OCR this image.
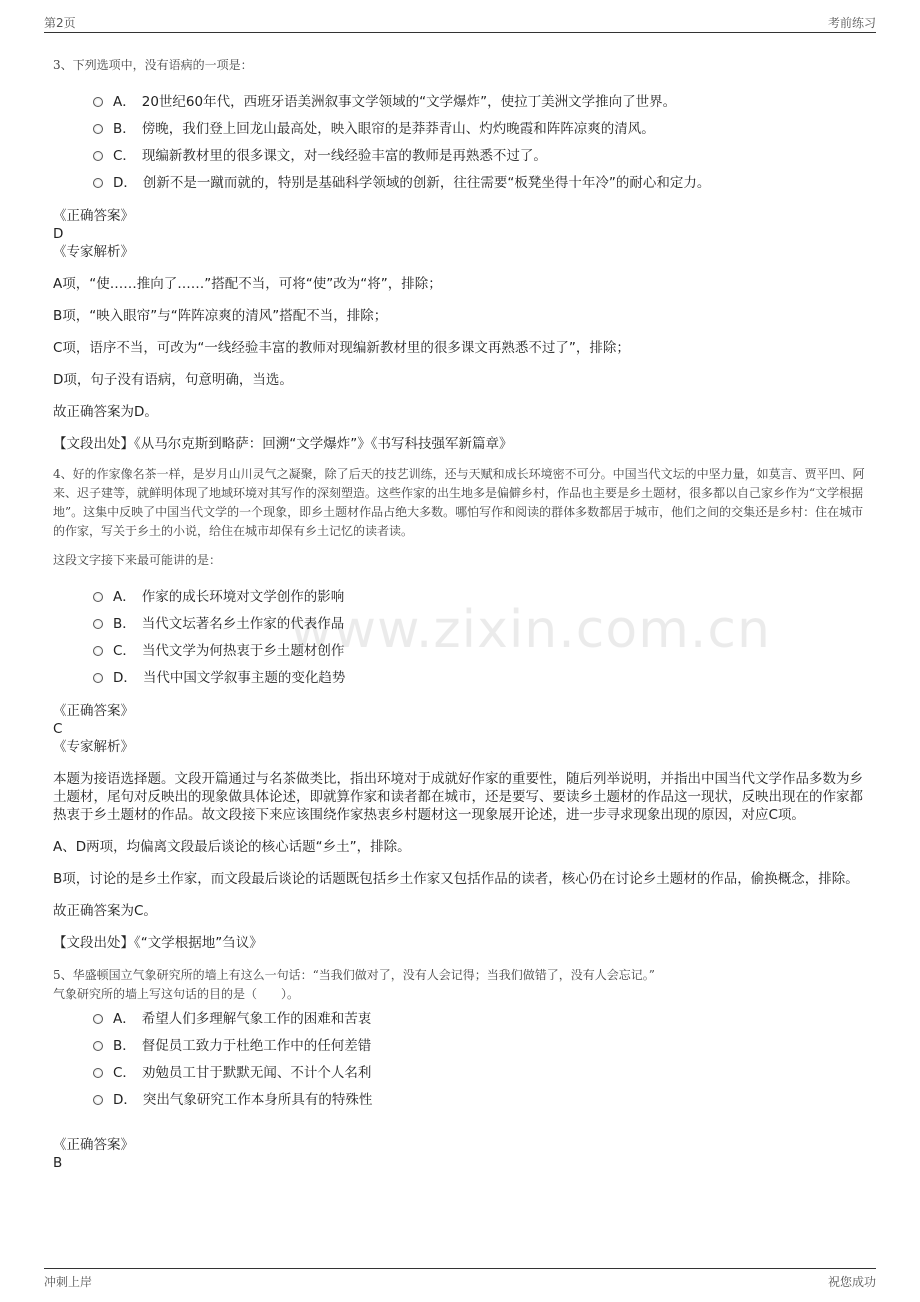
第2页	考前练习
www.zixin.com.cn
3、下列选项中，没有语病的一项是：
A． 20世纪60年代，西班牙语美洲叙事文学领域的“文学爆炸”，使拉丁美洲文学推向了世界。
B． 傍晚，我们登上回龙山最高处，映入眼帘的是莽莽青山、灼灼晚霞和阵阵凉爽的清风。
C． 现编新教材里的很多课文，对一线经验丰富的教师是再熟悉不过了。
D． 创新不是一蹴而就的，特别是基础科学领域的创新，往往需要“板凳坐得十年冷”的耐心和定力。
《正确答案》
D
《专家解析》

A项，“使……推向了……”搭配不当，可将“使”改为“将”，排除；

B项，“映入眼帘”与“阵阵凉爽的清风”搭配不当，排除；

C项，语序不当，可改为“一线经验丰富的教师对现编新教材里的很多课文再熟悉不过了”，排除；

D项，句子没有语病，句意明确，当选。

故正确答案为D。

【文段出处】《从马尔克斯到略萨：回溯“文学爆炸”》《书写科技强军新篇章》

4、好的作家像名茶一样，是岁月山川灵气之凝聚，除了后天的技艺训练，还与天赋和成长环境密不可分。中国当代文坛的中坚力量，如莫言、贾平凹、阿来、迟子建等，就鲜明体现了地域环境对其写作的深刻塑造。这些作家的出生地多是偏僻乡村，作品也主要是乡土题材，很多都以自己家乡作为“文学根据地”。这集中反映了中国当代文学的一个现象，即乡土题材作品占绝大多数。哪怕写作和阅读的群体多数都居于城市，他们之间的交集还是乡村：住在城市的作家，写关于乡土的小说，给住在城市却保有乡土记忆的读者读。
这段文字接下来最可能讲的是：
A． 作家的成长环境对文学创作的影响
B． 当代文坛著名乡土作家的代表作品
C． 当代文学为何热衷于乡土题材创作
D． 当代中国文学叙事主题的变化趋势
《正确答案》
C
《专家解析》

本题为接语选择题。文段开篇通过与名茶做类比，指出环境对于成就好作家的重要性，随后列举说明，并指出中国当代文学作品多数为乡土题材，尾句对反映出的现象做具体论述，即就算作家和读者都在城市，还是要写、要读乡土题材的作品这一现状，反映出现在的作家都热衷于乡土题材的作品。故文段接下来应该围绕作家热衷乡村题材这一现象展开论述，进一步寻求现象出现的原因，对应C项。

A、D两项，均偏离文段最后谈论的核心话题“乡土”，排除。

B项，讨论的是乡土作家，而文段最后谈论的话题既包括乡土作家又包括作品的读者，核心仍在讨论乡土题材的作品，偷换概念，排除。

故正确答案为C。

【文段出处】《“文学根据地”刍议》

5、华盛顿国立气象研究所的墙上有这么一句话：“当我们做对了，没有人会记得；当我们做错了，没有人会忘记。”
气象研究所的墙上写这句话的目的是（　　）。
A． 希望人们多理解气象工作的困难和苦衷
B． 督促员工致力于杜绝工作中的任何差错
C． 劝勉员工甘于默默无闻、不计个人名利
D． 突出气象研究工作本身所具有的特殊性
《正确答案》
B
冲刺上岸	祝您成功
